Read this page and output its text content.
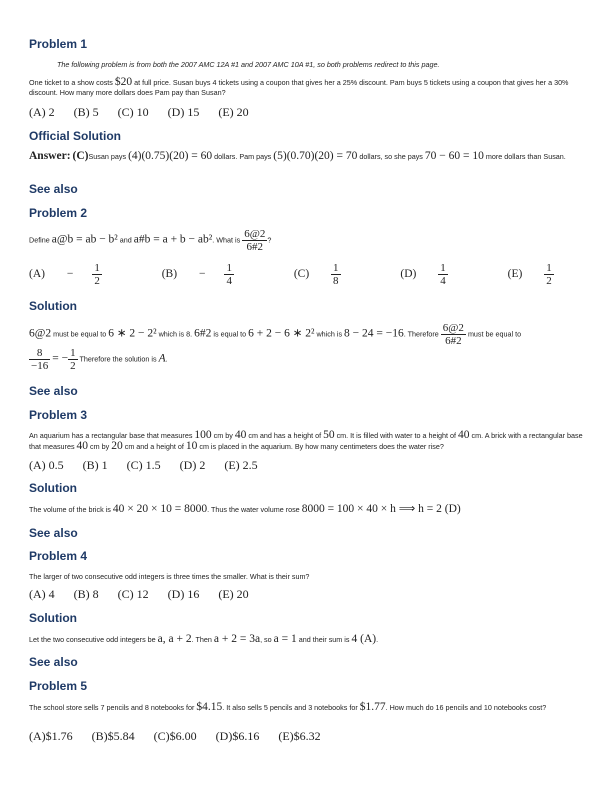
Problem 1
The following problem is from both the 2007 AMC 12A #1 and 2007 AMC 10A #1, so both problems redirect to this page.
One ticket to a show costs $20 at full price. Susan buys 4 tickets using a coupon that gives her a 25% discount. Pam buys 5 tickets using a coupon that gives her a 30% discount. How many more dollars does Pam pay than Susan?
(A) 2 (B) 5 (C) 10 (D) 15 (E) 20
Official Solution
Answer: (C)Susan pays (4)(0.75)(20) = 60 dollars. Pam pays (5)(0.70)(20) = 70 dollars, so she pays 70 − 60 = 10 more dollars than Susan.
See also
Problem 2
Define a@b = ab − b² and a#b = a + b − ab². What is $\frac{6@2}{6\#2}$ ?
$(A) - \frac{1}{2}$	$(B) - \frac{1}{4}$	$(C) \frac{1}{8}$	$(D) \frac{1}{4}$	$(E) \frac{1}{2}$
Solution
6@2 must be equal to 6 ∗ 2 − 2² which is 8. 6#2 is equal to 6 + 2 − 6 ∗ 2² which is 8 − 24 = −16. Therefore $\frac{6@2}{6\#2}$ must be equal to
$\frac{8}{-16}$ = − $\frac{1}{2}$ Therefore the solution is A.
See also
Problem 3
An aquarium has a rectangular base that measures 100 cm by 40 cm and has a height of 50 cm. It is filled with water to a height of 40 cm. A brick with a rectangular base that measures 40 cm by 20 cm and a height of 10 cm is placed in the aquarium. By how many centimeters does the water rise?
(A) 0.5 (B) 1 (C) 1.5 (D) 2 (E) 2.5
Solution
The volume of the brick is 40 × 20 × 10 = 8000. Thus the water volume rose 8000 = 100 × 40 × h ⟹ h = 2 (D)
See also
Problem 4
The larger of two consecutive odd integers is three times the smaller. What is their sum?
(A) 4 (B) 8 (C) 12 (D) 16 (E) 20
Solution
Let the two consecutive odd integers be a, a + 2. Then a + 2 = 3a, so a = 1 and their sum is 4 (A).
See also
Problem 5
The school store sells 7 pencils and 8 notebooks for $4.15. It also sells 5 pencils and 3 notebooks for $1.77. How much do 16 pencils and 10 notebooks cost?
(A)$1.76 (B)$5.84 (C)$6.00 (D)$6.16 (E)$6.32
